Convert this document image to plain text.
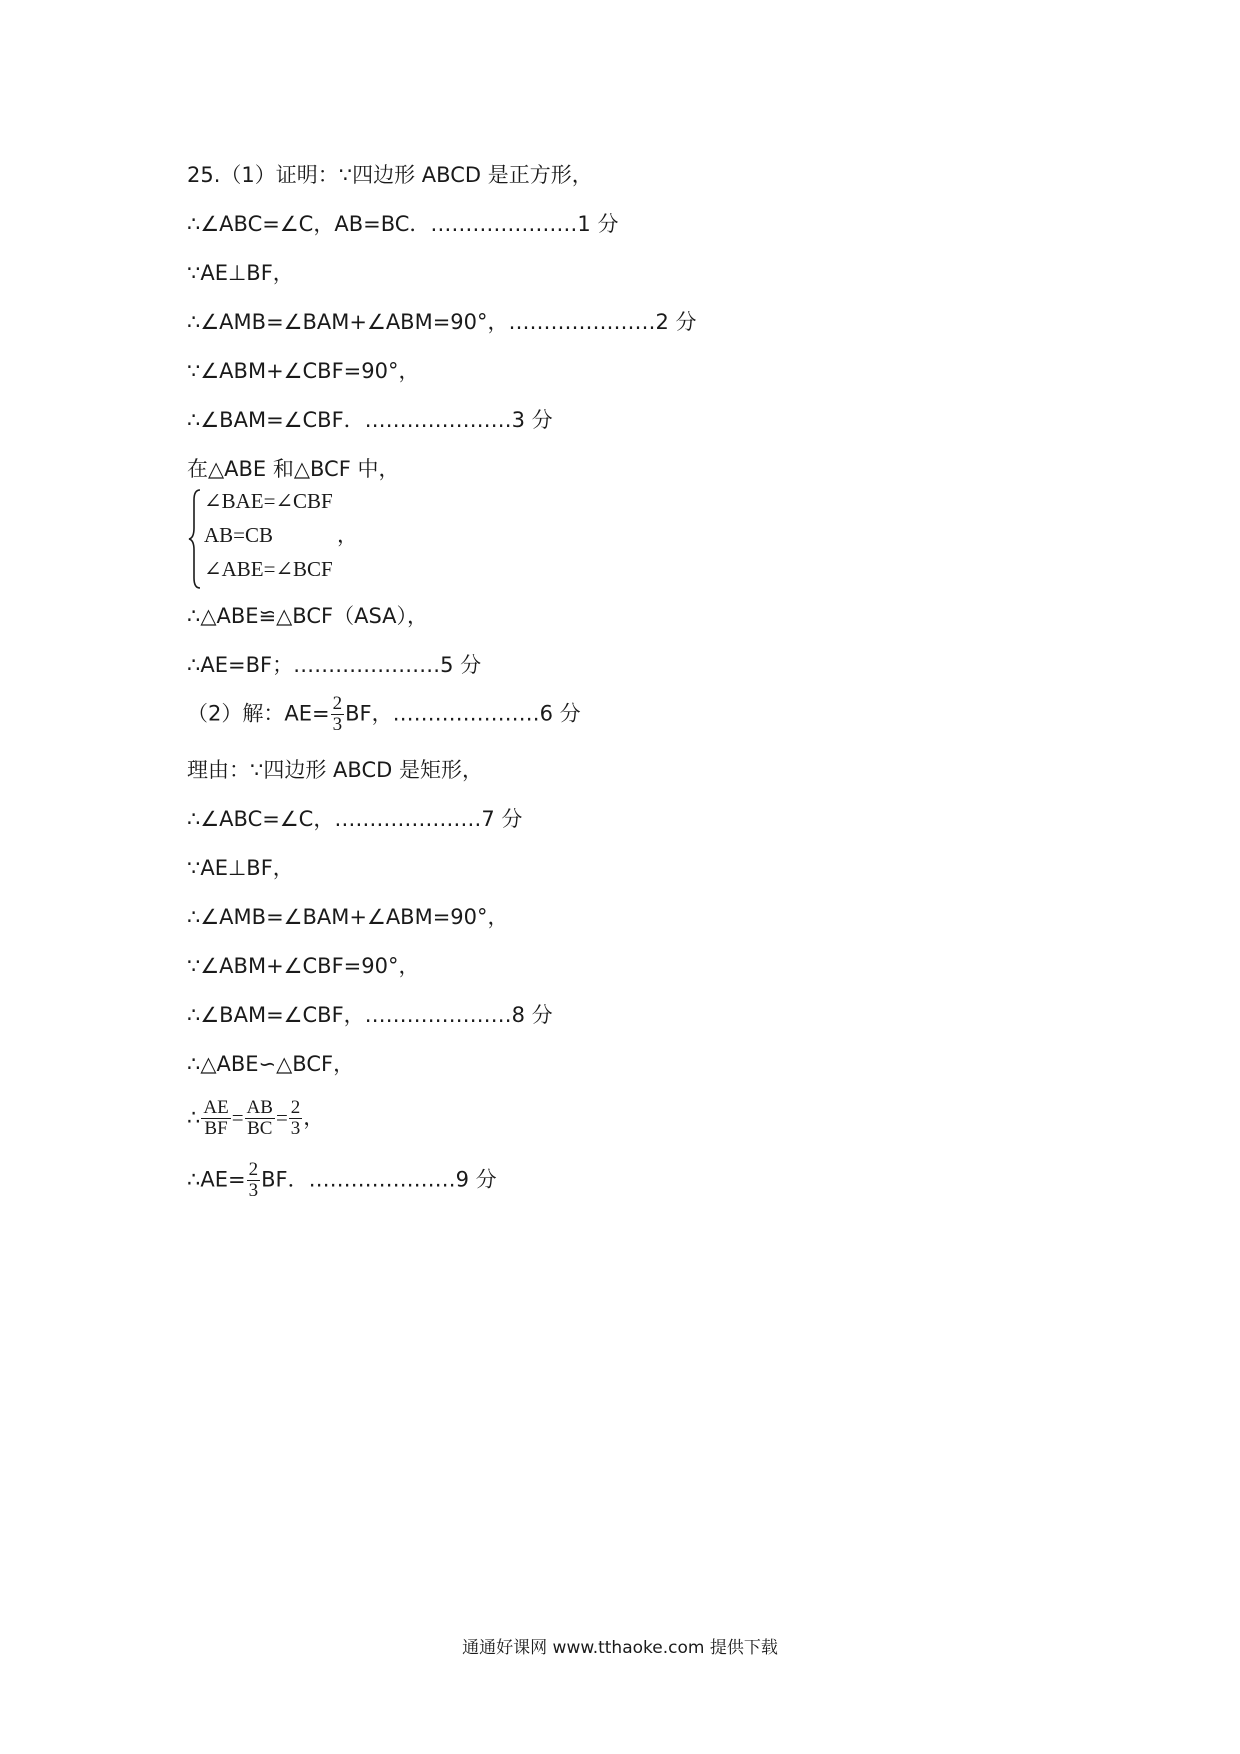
25.（1）证明：∵四边形 ABCD 是正方形，
∴∠ABC=∠C，AB=BC．…………………1 分
∵AE⊥BF，
∴∠AMB=∠BAM+∠ABM=90°，…………………2 分
∵∠ABM+∠CBF=90°，
∴∠BAM=∠CBF．…………………3 分
在△ABE 和△BCF 中，
∠BAE=∠CBF
AB=CB
∠ABE=∠BCF
，
∴△ABE≌△BCF（ASA），
∴AE=BF；…………………5 分
（2）解：$AE= \frac{2}{3}$ BF，…………………6 分
理由：∵四边形 ABCD 是矩形，
∴∠ABC=∠C，…………………7 分
∵AE⊥BF，
∴∠AMB=∠BAM+∠ABM=90°，
∵∠ABM+∠CBF=90°，
∴∠BAM=∠CBF，…………………8 分
∴△ABE∽△BCF，
∴ $\frac{AE}{BF} = \frac{AB}{BC} = \frac{2}{3}$ ，
∴AE= $\frac{2}{3}$ BF．…………………9 分
通通好课网 www.tthaoke.com 提供下载
